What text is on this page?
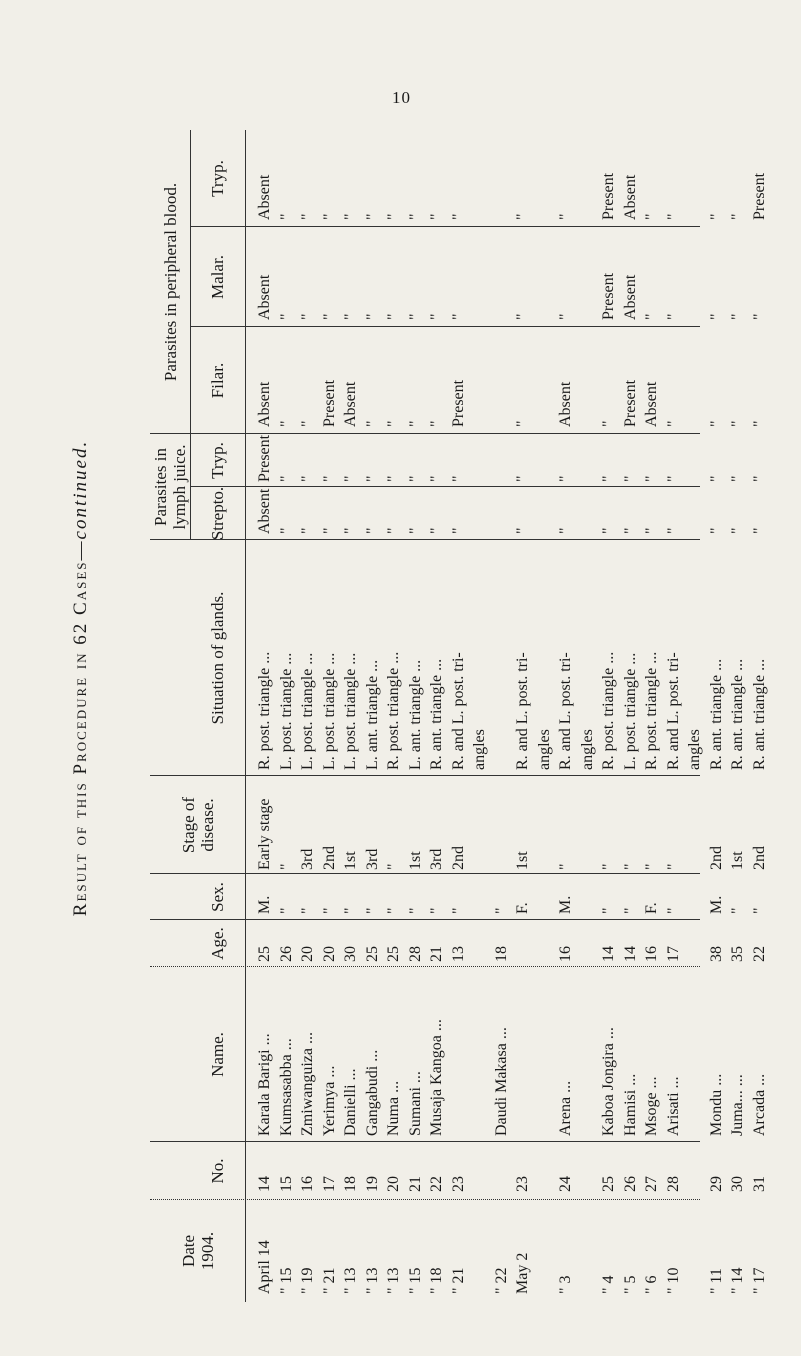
10
Result of this Procedure in 62 Cases—continued.
Date 1904.
No.
Name.
Age.
Sex.
Stage of disease.
Situation of glands.
Parasites in lymph juice.	Strepto.
Tryp.
Parasites in peripheral blood.	Filar.
Malar.
Tryp.
April 14
14
Karala Barigi ...
25
M.
Early stage
R. post. triangle ...
Absent
Present
Absent
Absent
Absent
" 15
15
Kumsasabba ...
26
"
"
L. post. triangle ...
"
"
"
"
"
" 19
16
Zmiwanguiza ...
20
"
3rd
L. post. triangle ...
"
"
"
"
"
" 21
17
Yerimya ...
20
"
2nd
L. post. triangle ...
"
"
Present
"
"
" 13
18
Danielli ...
30
"
1st
L. post. triangle ...
"
"
Absent
"
"
" 13
19
Gangabudi ...
25
"
3rd
L. ant. triangle ...
"
"
"
"
"
" 13
20
Numa ...
25
"
"
R. post. triangle ...
"
"
"
"
"
" 15
21
Sumani ...
28
"
1st
L. ant. triangle ...
"
"
"
"
"
" 18
22
Musaja Kangoa ...
21
"
3rd
R. ant. triangle ...
"
"
"
"
"
" 21
23
13
"
2nd
R. and L. post. tri-
"
"
Present
"
"
angles
" 22
Daudi Makasa ...
18
"
May 2
23
F.
1st
R. and L. post. tri-
"
"
"
"
"
angles
" 3
24
Arena ...
16
M.
"
R. and L. post. tri-
"
"
Absent
"
"
angles
" 4
25
Kaboa Jongira ...
14
"
"
R. post. triangle ...
"
"
"
Present
Present
" 5
26
Hamisi ...
14
"
"
L. post. triangle ...
"
"
Present
Absent
Absent
" 6
27
Msoge ...
16
F.
"
R. post. triangle ...
"
"
Absent
"
"
" 10
28
Arisati ...
17
"
"
R. and L. post. tri-
"
"
"
"
"
angles
" 11
29
Mondu ...
38
M.
2nd
R. ant. triangle ...
"
"
"
"
"
" 14
30
Juma... ...
35
"
1st
R. ant. triangle ...
"
"
"
"
"
" 17
31
Arcada ...
22
"
2nd
R. ant. triangle ...
"
"
"
"
Present
